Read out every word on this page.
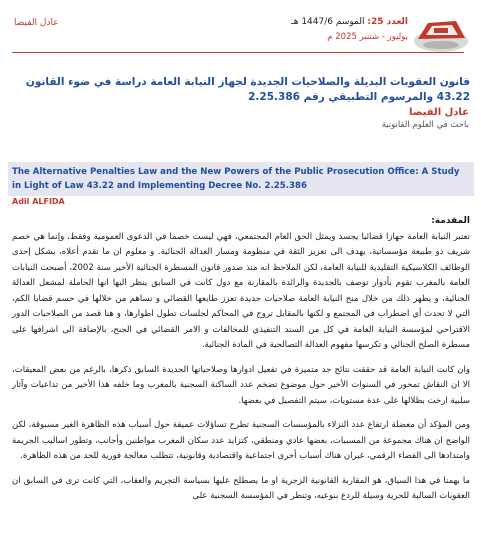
العدد 25: الموسم 1447/6 هـ
يوليوز - شتنبر 2025 م
عادل الفيضا
قانون العقوبات البديلة والصلاحيات الجديدة لجهاز النيابة العامة دراسة في ضوء القانون 43.22 والمرسوم التطبيقي رقم 2.25.386
عادل الفيضا
باحث في العلوم القانونية
The Alternative Penalties Law and the New Powers of the Public Prosecution Office: A Study in Light of Law 43.22 and Implementing Decree No. 2.25.386
Adil ALFIDA
المقدمة:

تعتبر النيابة العامة جهازا قضائيا يجسد ويمثل الحق العام المجتمعي، فهي ليست خصما في الدعوى العمومية وفقط، وإنما هي خصم شريف ذو طبيعة مؤسساتية، يهدف الى تعزيز الثقة في منظومة ومسار العدالة الجنائية. و معلوم ان ما تقدم أعلاه، يشكل إحدى الوظائف الكلاسيكية التقليدية للنيابة العامة، لكن الملاحظ انه منذ صدور قانون المسطرة الجنائية الأخير سنة 2002، أصبحت النيابات العامة بالمغرب تقوم بأدوار توصف بالجديدة والرائدة بالمقارنة مع دول كانت في السابق ينظر اليها انها الحاملة لمشعل العدالة الجنائية، و يظهر ذلك من خلال منح النيابة العامة صلاحيات جديدة تعزز طابعها القضائي و تساهم من خلالها في حسم قضايا الكم، التي لا تحدث أي اضطراب في المجتمع و لكنها بالمقابل تروج في المحاكم لجلسات تطول اطوارها، و هنا قصد من الصلاحيات الدور الاقتراحي لمؤسسة النيابة العامة في كل من السند التنفيذي للمخالفات و الامر القضائي في الجنح، بالإضافة الى اشرافها على مسطرة الصلح الجنائي و تكرسها مفهوم العدالة التصالحية في المادة الجنائية.

وان كانت النيابة العامة قد حققت نتائج جد متميزة في تفعيل ادوارها وصلاحياتها الجديدة السابق ذكرها، بالرغم من بعض المعيقات، الا ان النقاش تمحور في السنوات الأخير حول موضوع تضخم عدد الساكنة السجنية بالمغرب وما خلفه هذا الأخير من تداعيات وآثار سلبية ارخت بظلالها على عدة مستويات، سيتم التفصيل في بعضها.

ومن المؤكد أن معضلة ارتفاع عدد النزلاء بالمؤسسات السجنية تطرح تساؤلات عميقة حول أسباب هذه الظاهرة الغير مسبوقة، لكن الواضح ان هناك مجموعة من المسببات، بعضها عادي ومنطقي، كتزايد عدد سكان المغرب مواطنين وأجانب، وتطور اساليب الجريمة وامتدادها الى الفضاء الرقمي، غيران هناك أسباب أخرى اجتماعية واقتصادية وقانونية، تتطلب معالجة فورية للحد من هذه الظاهرة.

ما يهمنا في هذا السياق، هو المقاربة القانونية الزجرية او ما يصطلح عليها بسياسة التجريم والعقاب، التي كانت ترى في السابق ان العقوبات السالبة للحرية وسيلة للردع بنوعيه، وتنظر في المؤسسة السجنية على
